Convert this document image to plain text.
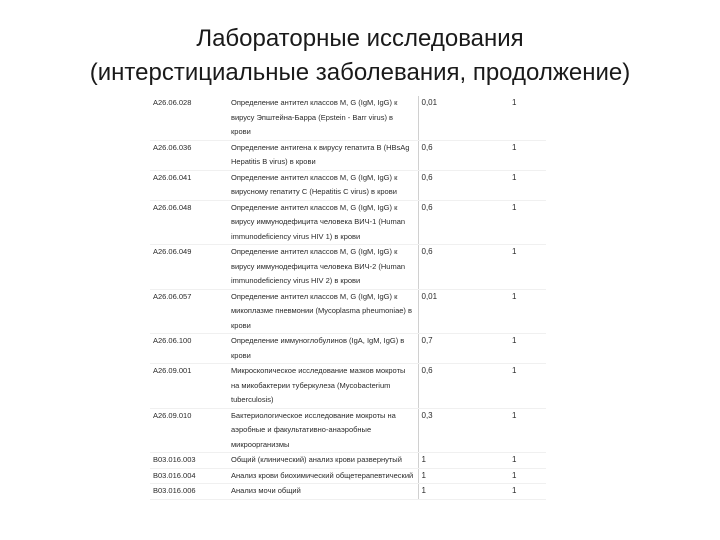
Лабораторные исследования
(интерстициальные заболевания, продолжение)
A26.06.028	Определение антител классов M, G (IgM, IgG) к вирусу Эпштейна-Барра (Epstein - Barr virus) в крови	0,01	1
A26.06.036	Определение антигена к вирусу гепатита B (HBsAg Hepatitis B virus) в крови	0,6	1
A26.06.041	Определение антител классов M, G (IgM, IgG) к вирусному гепатиту C (Hepatitis C virus) в крови	0,6	1
A26.06.048	Определение антител классов M, G (IgM, IgG) к вирусу иммунодефицита человека ВИЧ-1 (Human immunodeficiency virus HIV 1) в крови	0,6	1
A26.06.049	Определение антител классов M, G (IgM, IgG) к вирусу иммунодефицита человека ВИЧ-2 (Human immunodeficiency virus HIV 2) в крови	0,6	1
A26.06.057	Определение антител классов M, G (IgM, IgG) к микоплазме пневмонии (Mycoplasma pheumoniae) в крови	0,01	1
A26.06.100	Определение иммуноглобулинов (IgA, IgM, IgG) в крови	0,7	1
A26.09.001	Микроскопическое исследование мазков мокроты на микобактерии туберкулеза (Mycobacterium tuberculosis)	0,6	1
A26.09.010	Бактериологическое исследование мокроты на аэробные и факультативно-анаэробные микроорганизмы	0,3	1
B03.016.003	Общий (клинический) анализ крови развернутый	1	1
B03.016.004	Анализ крови биохимический общетерапевтический	1	1
B03.016.006	Анализ мочи общий	1	1
